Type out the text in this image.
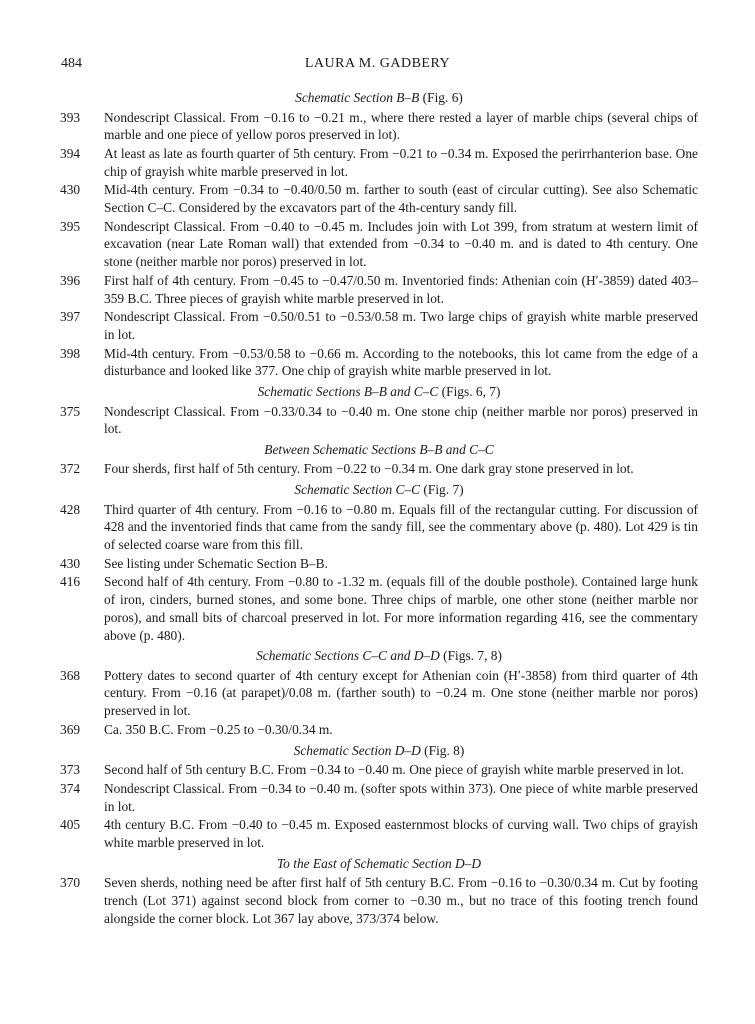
484	LAURA M. GADBERY
Schematic Section B–B (Fig. 6)
393	Nondescript Classical. From −0.16 to −0.21 m., where there rested a layer of marble chips (several chips of marble and one piece of yellow poros preserved in lot).
394	At least as late as fourth quarter of 5th century. From −0.21 to −0.34 m. Exposed the perirrhanterion base. One chip of grayish white marble preserved in lot.
430	Mid-4th century. From −0.34 to −0.40/0.50 m. farther to south (east of circular cutting). See also Schematic Section C–C. Considered by the excavators part of the 4th-century sandy fill.
395	Nondescript Classical. From −0.40 to −0.45 m. Includes join with Lot 399, from stratum at western limit of excavation (near Late Roman wall) that extended from −0.34 to −0.40 m. and is dated to 4th century. One stone (neither marble nor poros) preserved in lot.
396	First half of 4th century. From −0.45 to −0.47/0.50 m. Inventoried finds: Athenian coin (Hʹ-3859) dated 403–359 B.C. Three pieces of grayish white marble preserved in lot.
397	Nondescript Classical. From −0.50/0.51 to −0.53/0.58 m. Two large chips of grayish white marble preserved in lot.
398	Mid-4th century. From −0.53/0.58 to −0.66 m. According to the notebooks, this lot came from the edge of a disturbance and looked like 377. One chip of grayish white marble preserved in lot.
Schematic Sections B–B and C–C (Figs. 6, 7)
375	Nondescript Classical. From −0.33/0.34 to −0.40 m. One stone chip (neither marble nor poros) preserved in lot.
Between Schematic Sections B–B and C–C
372	Four sherds, first half of 5th century. From −0.22 to −0.34 m. One dark gray stone preserved in lot.
Schematic Section C–C (Fig. 7)
428	Third quarter of 4th century. From −0.16 to −0.80 m. Equals fill of the rectangular cutting. For discussion of 428 and the inventoried finds that came from the sandy fill, see the commentary above (p. 480). Lot 429 is tin of selected coarse ware from this fill.
430	See listing under Schematic Section B–B.
416	Second half of 4th century. From −0.80 to -1.32 m. (equals fill of the double posthole). Contained large hunk of iron, cinders, burned stones, and some bone. Three chips of marble, one other stone (neither marble nor poros), and small bits of charcoal preserved in lot. For more information regarding 416, see the commentary above (p. 480).
Schematic Sections C–C and D–D (Figs. 7, 8)
368	Pottery dates to second quarter of 4th century except for Athenian coin (Hʹ-3858) from third quarter of 4th century. From −0.16 (at parapet)/0.08 m. (farther south) to −0.24 m. One stone (neither marble nor poros) preserved in lot.
369	Ca. 350 B.C. From −0.25 to −0.30/0.34 m.
Schematic Section D–D (Fig. 8)
373	Second half of 5th century B.C. From −0.34 to −0.40 m. One piece of grayish white marble preserved in lot.
374	Nondescript Classical. From −0.34 to −0.40 m. (softer spots within 373). One piece of white marble preserved in lot.
405	4th century B.C. From −0.40 to −0.45 m. Exposed easternmost blocks of curving wall. Two chips of grayish white marble preserved in lot.
To the East of Schematic Section D–D
370	Seven sherds, nothing need be after first half of 5th century B.C. From −0.16 to −0.30/0.34 m. Cut by footing trench (Lot 371) against second block from corner to −0.30 m., but no trace of this footing trench found alongside the corner block. Lot 367 lay above, 373/374 below.
